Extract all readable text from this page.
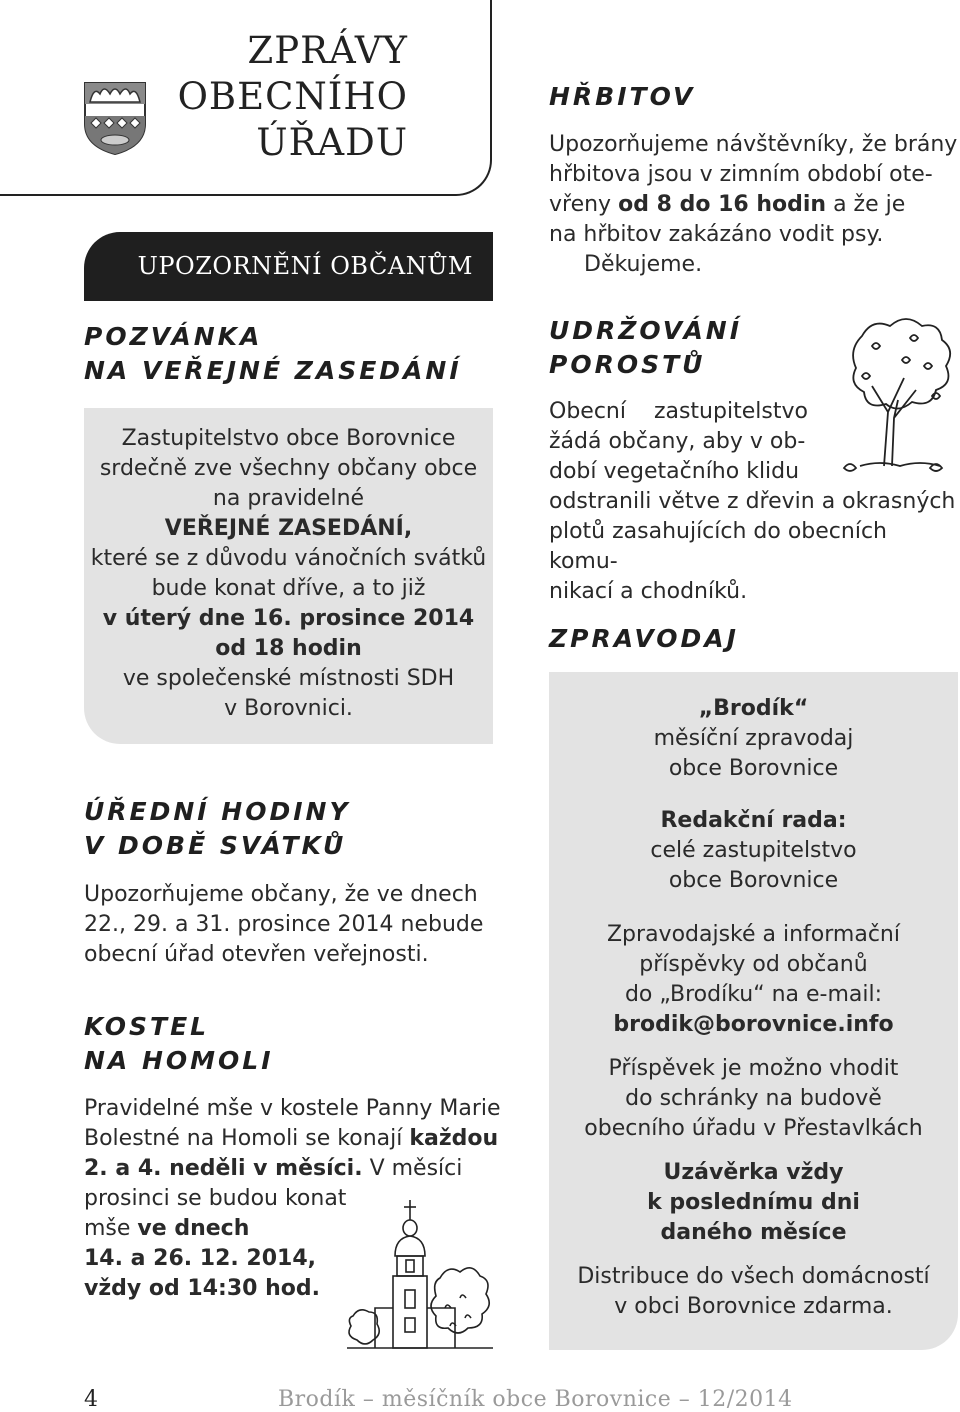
ZPRÁVY
OBECNÍHO
ÚŘADU
UPOZORNĚNÍ OBČANŮM
POZVÁNKA
NA VEŘEJNÉ ZASEDÁNÍ
Zastupitelstvo obce Borovnice
srdečně zve všechny občany obce
na pravidelné
VEŘEJNÉ ZASEDÁNÍ,
které se z důvodu vánočních svátků
bude konat dříve, a to již
v úterý dne 16. prosince 2014
od 18 hodin
ve společenské místnosti SDH
v Borovnici.
ÚŘEDNÍ HODINY
V DOBĚ SVÁTKŮ
Upozorňujeme občany, že ve dnech
22., 29. a 31. prosince 2014 nebude
obecní úřad otevřen veřejnosti.
KOSTEL
NA HOMOLI
Pravidelné mše v kostele Panny Marie
Bolestné na Homoli se konají každou
2. a 4. neděli v měsíci. V měsíci
prosinci se budou konat
mše ve dnech
14. a 26. 12. 2014,
vždy od 14:30 hod.
HŘBITOV
Upozorňujeme návštěvníky, že brány
hřbitova jsou v zimním období ote-
vřeny od 8 do 16 hodin a že je
na hřbitov zakázáno vodit psy.
Děkujeme.
UDRŽOVÁNÍ
POROSTŮ
Obecní    zastupitelstvo
žádá občany, aby v ob-
dobí vegetačního klidu
odstranili větve z dřevin a okrasných
plotů zasahujících do obecních komu-
nikací a chodníků.
ZPRAVODAJ
„Brodík“
měsíční zpravodaj
obce Borovnice
Redakční rada:
celé zastupitelstvo
obce Borovnice
Zpravodajské a informační
příspěvky od občanů
do „Brodíku“ na e-mail:
brodik@borovnice.info
Příspěvek je možno vhodit
do schránky na budově
obecního úřadu v Přestavlkách
Uzávěrka vždy
k poslednímu dni
daného měsíce
Distribuce do všech domácností
v obci Borovnice zdarma.
4	Brodík – měsíčník obce Borovnice – 12/2014
